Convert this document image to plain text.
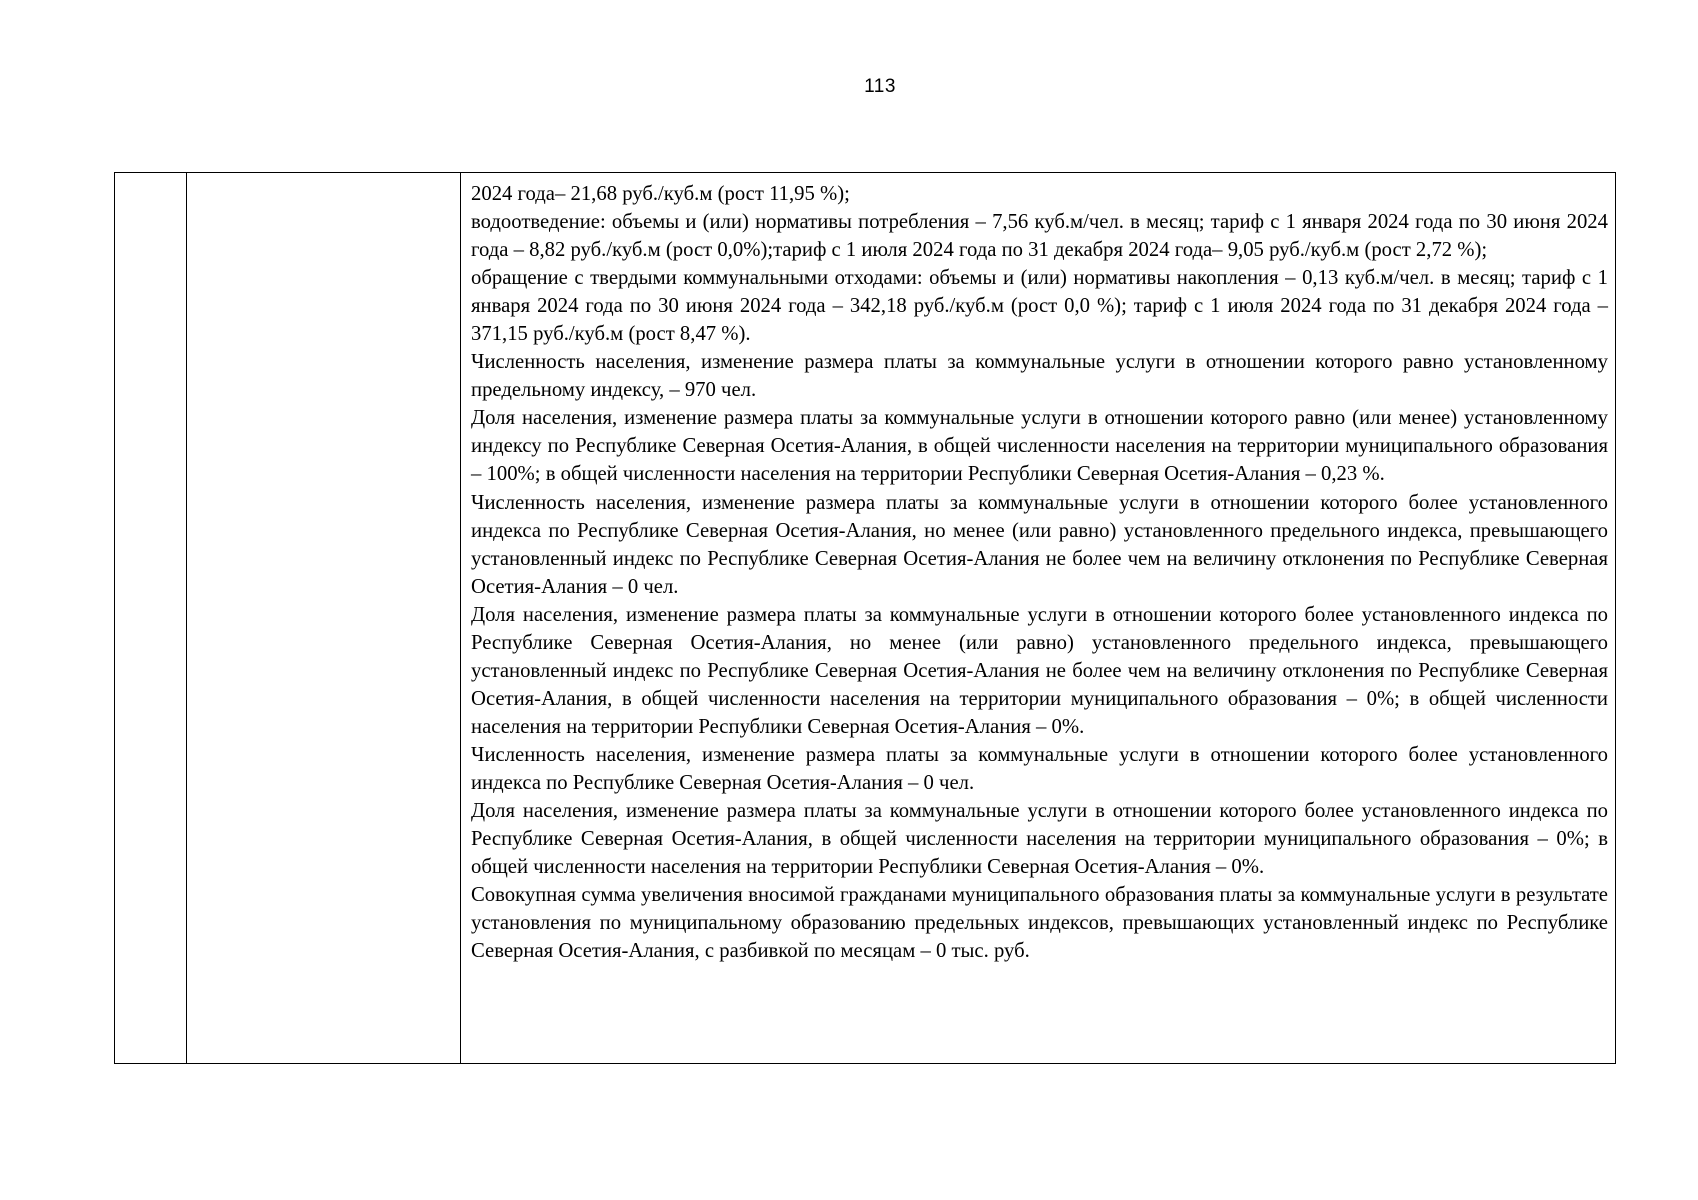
113

2024 года– 21,68 руб./куб.м (рост 11,95 %);

водоотведение: объемы и (или) нормативы потребления – 7,56 куб.м/чел. в месяц; тариф с 1 января 2024 года по 30 июня 2024 года – 8,82 руб./куб.м (рост 0,0%);тариф с 1 июля 2024 года по 31 декабря 2024 года– 9,05 руб./куб.м (рост 2,72 %);

обращение с твердыми коммунальными отходами: объемы и (или) нормативы накопления – 0,13 куб.м/чел. в месяц; тариф с 1 января 2024 года по 30 июня 2024 года – 342,18 руб./куб.м (рост 0,0 %); тариф с 1 июля 2024 года по 31 декабря 2024 года –371,15 руб./куб.м (рост 8,47 %).

Численность населения, изменение размера платы за коммунальные услуги в отношении которого равно установленному предельному индексу, – 970 чел.

Доля населения, изменение размера платы за коммунальные услуги в отношении которого равно (или менее) установленному индексу по Республике Северная Осетия-Алания, в общей численности населения на территории муниципального образования – 100%; в общей численности населения на территории Республики Северная Осетия-Алания – 0,23 %.

Численность населения, изменение размера платы за коммунальные услуги в отношении которого более установленного индекса по Республике Северная Осетия-Алания, но менее (или равно) установленного предельного индекса, превышающего установленный индекс по Республике Северная Осетия-Алания не более чем на величину отклонения по Республике Северная Осетия-Алания – 0 чел.

Доля населения, изменение размера платы за коммунальные услуги в отношении которого более установленного индекса по Республике Северная Осетия-Алания, но менее (или равно) установленного предельного индекса, превышающего установленный индекс по Республике Северная Осетия-Алания не более чем на величину отклонения по Республике Северная Осетия-Алания, в общей численности населения на территории муниципального образования – 0%; в общей численности населения на территории Республики Северная Осетия-Алания – 0%.

Численность населения, изменение размера платы за коммунальные услуги в отношении которого более установленного индекса по Республике Северная Осетия-Алания – 0 чел.

Доля населения, изменение размера платы за коммунальные услуги в отношении которого более установленного индекса по Республике Северная Осетия-Алания, в общей численности населения на территории муниципального образования – 0%; в общей численности населения на территории Республики Северная Осетия-Алания – 0%.

Совокупная сумма увеличения вносимой гражданами муниципального образования платы за коммунальные услуги в результате установления по муниципальному образованию предельных индексов, превышающих установленный индекс по Республике Северная Осетия-Алания, с разбивкой по месяцам – 0 тыс. руб.
